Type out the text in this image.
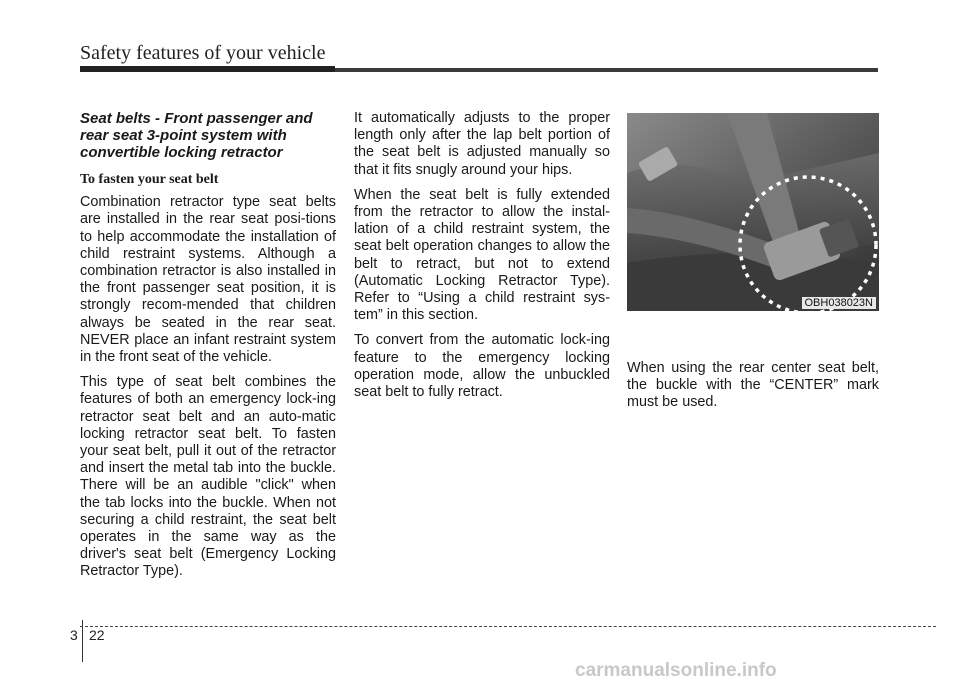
Safety features of your vehicle
Seat belts - Front passenger and rear seat 3-point system with convertible locking retractor
To fasten your seat belt

Combination retractor type seat belts are installed in the rear seat posi-tions to help accommodate the installation of child restraint systems. Although a combination retractor is also installed in the front passenger seat position, it is strongly recom-mended that children always be seated in the rear seat. NEVER place an infant restraint system in the front seat of the vehicle.

This type of seat belt combines the features of both an emergency lock-ing retractor seat belt and an auto-matic locking retractor seat belt. To fasten your seat belt, pull it out of the retractor and insert the metal tab into the buckle. There will be an audible "click" when the tab locks into the buckle. When not securing a child restraint, the seat belt operates in the same way as the driver's seat belt (Emergency Locking Retractor Type).

It automatically adjusts to the proper length only after the lap belt portion of the seat belt is adjusted manually so that it fits snugly around your hips.

When the seat belt is fully extended from the retractor to allow the instal-lation of a child restraint system, the seat belt operation changes to allow the belt to retract, but not to extend (Automatic Locking Retractor Type). Refer to “Using a child restraint sys-tem” in this section.

To convert from the automatic lock-ing feature to the emergency locking operation mode, allow the unbuckled seat belt to fully retract.

OBH038023N

When using the rear center seat belt, the buckle with the “CENTER” mark must be used.

3 22
carmanualsonline.info
